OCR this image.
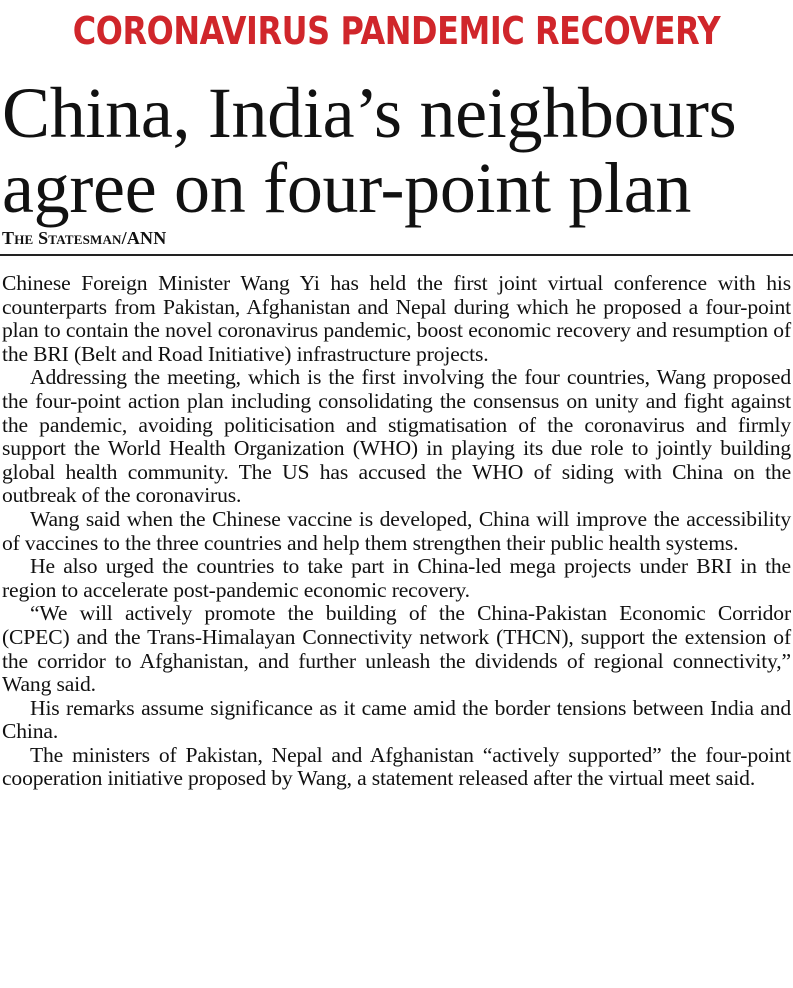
CORONAVIRUS PANDEMIC RECOVERY
China, India’s neighbours
agree on four-point plan
The Statesman/ANN

Chinese Foreign Minister Wang Yi has held the first joint virtual conference with his counterparts from Pakistan, Afghanistan and Nepal during which he proposed a four-point plan to contain the novel coronavirus pandemic, boost economic recovery and resumption of the BRI (Belt and Road Initiative) infrastructure projects.

Addressing the meeting, which is the first involving the four countries, Wang proposed the four-point action plan including consolidating the consensus on unity and fight against the pandemic, avoiding politicisation and stigmatisation of the coronavirus and firmly support the World Health Organization (WHO) in playing its due role to jointly building global health community. The US has accused the WHO of siding with China on the outbreak of the coronavirus.

Wang said when the Chinese vaccine is developed, China will improve the accessibility of vaccines to the three countries and help them strengthen their public health systems.

He also urged the countries to take part in China-led mega projects under BRI in the region to accelerate post-pandemic economic recovery.

“We will actively promote the building of the China-Pakistan Economic Corridor (CPEC) and the Trans-Himalayan Connectivity network (THCN), support the extension of the corridor to Afghanistan, and further unleash the dividends of regional connectivity,” Wang said.

His remarks assume significance as it came amid the border tensions between India and China.

The ministers of Pakistan, Nepal and Afghanistan “actively supported” the four-point cooperation initiative proposed by Wang, a statement released after the virtual meet said.
